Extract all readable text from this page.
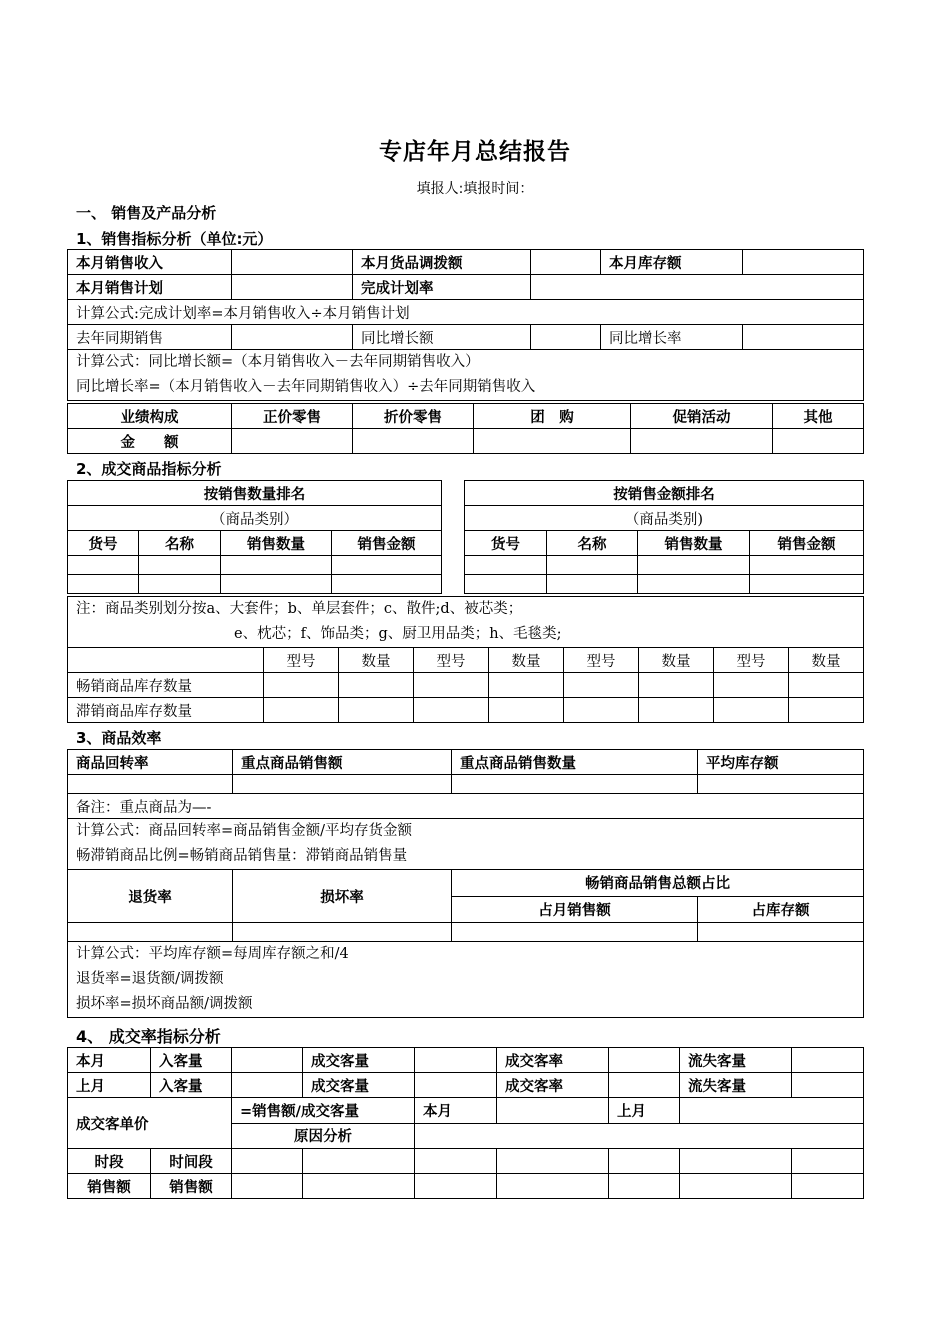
专店年月总结报告
填报人:填报时间：
一、 销售及产品分析
1、销售指标分析（单位:元）
本月销售收入		本月货品调拨额		本月库存额	
本月销售计划		完成计划率			
计算公式:完成计划率=本月销售收入÷本月销售计划					
去年同期销售		同比增长额		同比增长率	

计算公式：同比增长额=（本月销售收入－去年同期销售收入）
同比增长率=（本月销售收入－去年同期销售收入）÷去年同期销售收入					
业绩构成	正价零售	折价零售	团　购	促销活动	其他
金　　额					
2、成交商品指标分析
按销售数量排名					按销售金额排名			
（商品类别）					（商品类别)			
货号	名称	销售数量	销售金额		货号	名称	销售数量	销售金额

注：商品类别划分按a、大套件；b、单层套件；c、散件;d、被芯类；
e、枕芯；f、饰品类；g、厨卫用品类；h、毛毯类;								

	型号	数量	型号	数量	型号	数量	型号	数量
畅销商品库存数量								
滞销商品库存数量								
3、商品效率
商品回转率	重点商品销售额	重点商品销售数量	平均库存额

备注：重点商品为—-			

计算公式：商品回转率=商品销售金额/平均存货金额
畅滞销商品比例=畅销商品销售量：滞销商品销售量			

退货率	损坏率	畅销商品销售总额占比	
		占月销售额	占库存额

计算公式：平均库存额=每周库存额之和/4
退货率=退货额/调拨额
损坏率=损坏商品额/调拨额			
4、 成交率指标分析
本月	入客量		成交客量		成交客率		流失客量	
上月	入客量		成交客量		成交客率		流失客量	
成交客单价		=销售额/成交客量		本月		上月		
		原因分析						
时段	时间段							
销售额	销售额							
